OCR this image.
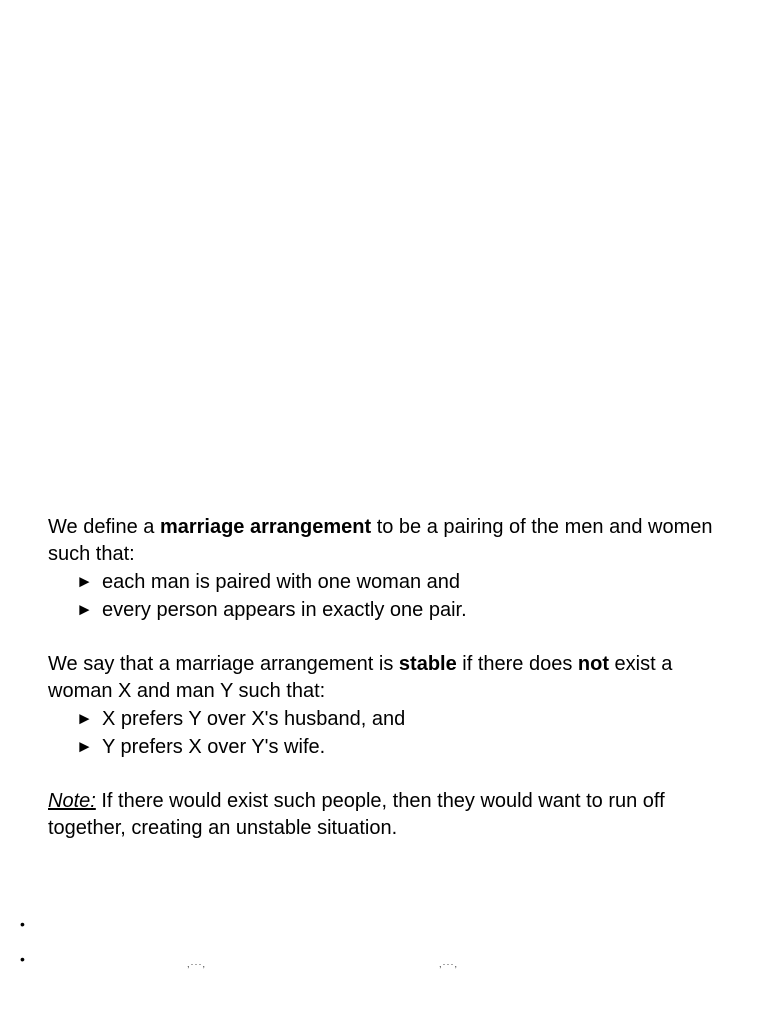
We define a marriage arrangement to be a pairing of the men and women such that:

► each man is paired with one woman and
► every person appears in exactly one pair.

We say that a marriage arrangement is stable if there does not exist a woman X and man Y such that:

► X prefers Y over X's husband, and
► Y prefers X over Y's wife.

Note: If there would exist such people, then they would want to run off together, creating an unstable situation.

•
•	,···,	,···,
